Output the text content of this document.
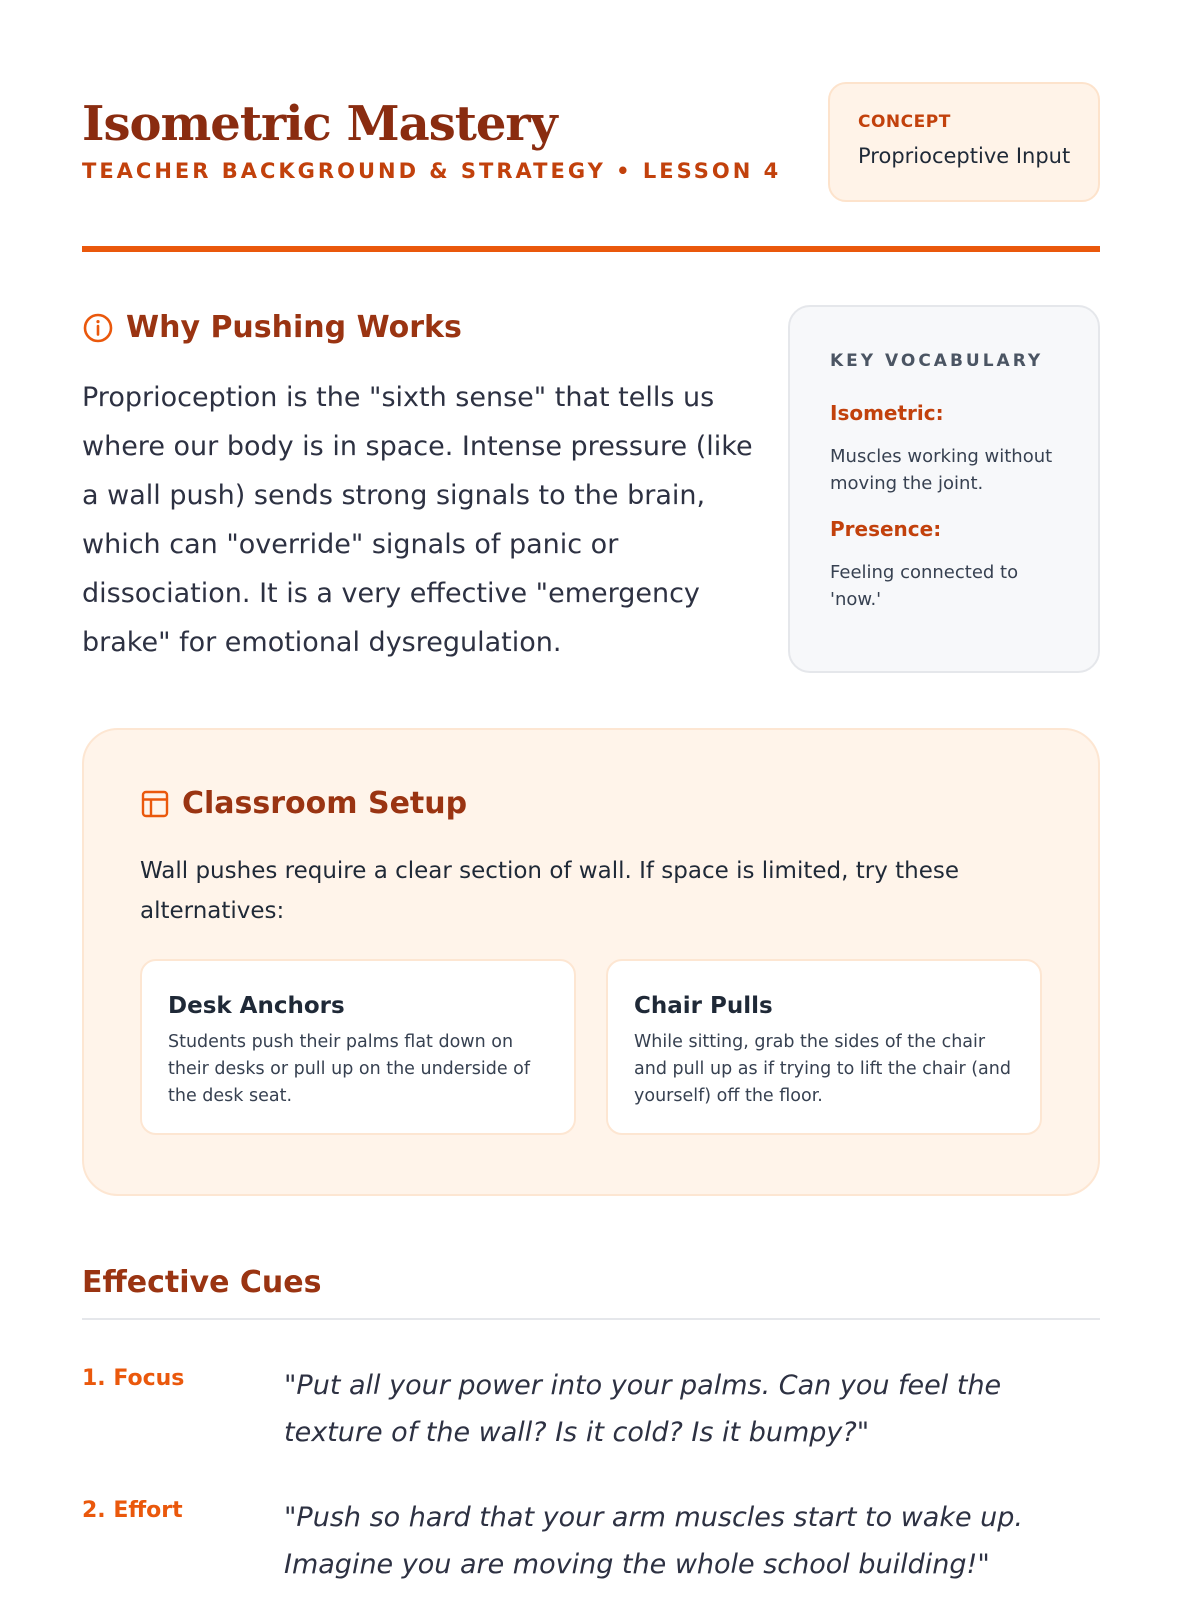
Isometric Mastery
TEACHER BACKGROUND & STRATEGY • LESSON 4
CONCEPT
Proprioceptive Input
Why Pushing Works
Proprioception is the "sixth sense" that tells us where our body is in space. Intense pressure (like a wall push) sends strong signals to the brain, which can "override" signals of panic or dissociation. It is a very effective "emergency brake" for emotional dysregulation.
KEY VOCABULARY
Isometric:
Muscles working without moving the joint.
Presence:
Feeling connected to 'now.'
Classroom Setup
Wall pushes require a clear section of wall. If space is limited, try these alternatives:
Desk Anchors
Students push their palms flat down on their desks or pull up on the underside of the desk seat.
Chair Pulls
While sitting, grab the sides of the chair and pull up as if trying to lift the chair (and yourself) off the floor.
Effective Cues
1. Focus	"Put all your power into your palms. Can you feel the texture of the wall? Is it cold? Is it bumpy?"
2. Effort	"Push so hard that your arm muscles start to wake up. Imagine you are moving the whole school building!"
